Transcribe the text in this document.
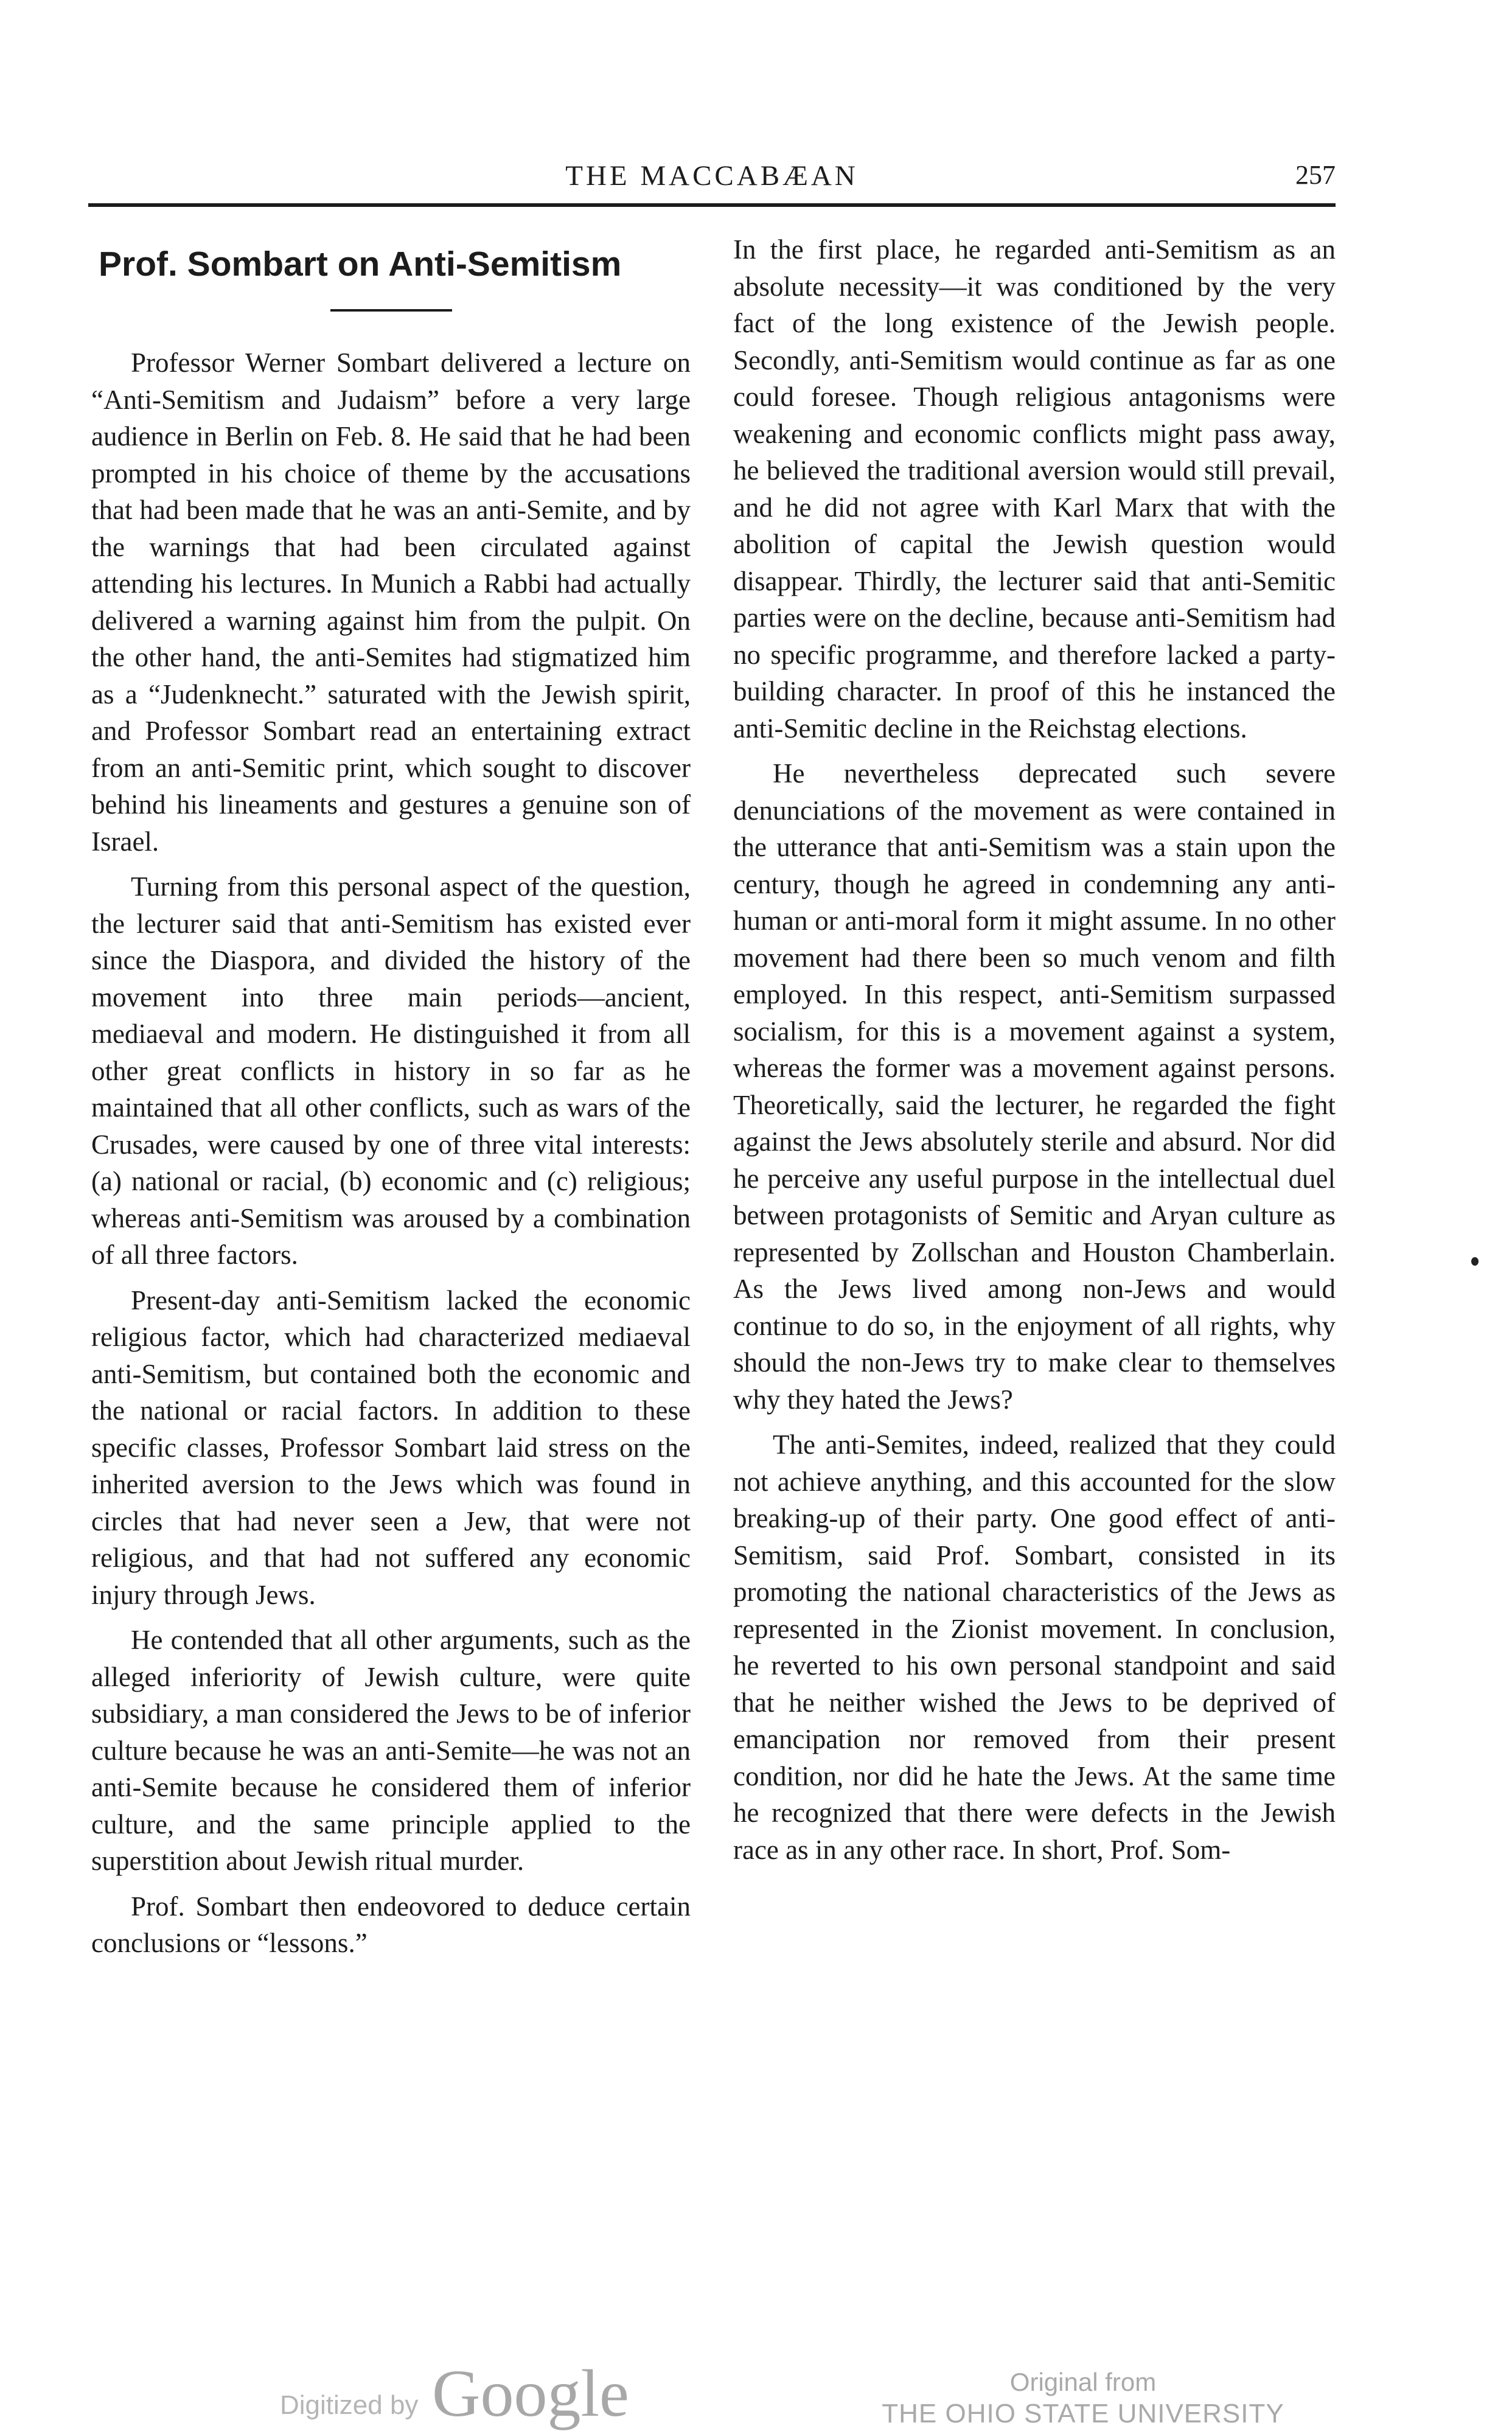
THE MACCABÆAN	257
Prof. Sombart on Anti-Semitism

Professor Werner Sombart delivered a lecture on “Anti-Semitism and Judaism” before a very large audience in Berlin on Feb. 8. He said that he had been prompted in his choice of theme by the accusations that had been made that he was an anti-Semite, and by the warnings that had been circulated against attending his lectures. In Munich a Rabbi had actually delivered a warning against him from the pulpit. On the other hand, the anti-Semites had stigmatized him as a “Judenknecht.” saturated with the Jewish spirit, and Professor Sombart read an entertaining extract from an anti-Semitic print, which sought to discover behind his lineaments and gestures a genuine son of Israel.

Turning from this personal aspect of the question, the lecturer said that anti-Semitism has existed ever since the Diaspora, and divided the history of the movement into three main periods—ancient, mediaeval and modern. He distinguished it from all other great conflicts in history in so far as he maintained that all other conflicts, such as wars of the Crusades, were caused by one of three vital interests: (a) national or racial, (b) economic and (c) religious; whereas anti-Semitism was aroused by a combination of all three factors.

Present-day anti-Semitism lacked the economic religious factor, which had characterized mediaeval anti-Semitism, but contained both the economic and the national or racial factors. In addition to these specific classes, Professor Sombart laid stress on the inherited aversion to the Jews which was found in circles that had never seen a Jew, that were not religious, and that had not suffered any economic injury through Jews.

He contended that all other arguments, such as the alleged inferiority of Jewish culture, were quite subsidiary, a man considered the Jews to be of inferior culture because he was an anti-Semite—he was not an anti-Semite because he considered them of inferior culture, and the same principle applied to the superstition about Jewish ritual murder.

Prof. Sombart then endeovored to deduce certain conclusions or “lessons.”

In the first place, he regarded anti-Semitism as an absolute necessity—it was conditioned by the very fact of the long existence of the Jewish people. Secondly, anti-Semitism would continue as far as one could foresee. Though religious antagonisms were weakening and economic conflicts might pass away, he believed the traditional aversion would still prevail, and he did not agree with Karl Marx that with the abolition of capital the Jewish question would disappear. Thirdly, the lecturer said that anti-Semitic parties were on the decline, because anti-Semitism had no specific programme, and therefore lacked a party-building character. In proof of this he instanced the anti-Semitic decline in the Reichstag elections.

He nevertheless deprecated such severe denunciations of the movement as were contained in the utterance that anti-Semitism was a stain upon the century, though he agreed in condemning any anti-human or anti-moral form it might assume. In no other movement had there been so much venom and filth employed. In this respect, anti-Semitism surpassed socialism, for this is a movement against a system, whereas the former was a movement against persons. Theoretically, said the lecturer, he regarded the fight against the Jews absolutely sterile and absurd. Nor did he perceive any useful purpose in the intellectual duel between protagonists of Semitic and Aryan culture as represented by Zollschan and Houston Chamberlain. As the Jews lived among non-Jews and would continue to do so, in the enjoyment of all rights, why should the non-Jews try to make clear to themselves why they hated the Jews?

The anti-Semites, indeed, realized that they could not achieve anything, and this accounted for the slow breaking-up of their party. One good effect of anti-Semitism, said Prof. Sombart, consisted in its promoting the national characteristics of the Jews as represented in the Zionist movement. In conclusion, he reverted to his own personal standpoint and said that he neither wished the Jews to be deprived of emancipation nor removed from their present condition, nor did he hate the Jews. At the same time he recognized that there were defects in the Jewish race as in any other race. In short, Prof. Som-

Digitized by Google	Original from
THE OHIO STATE UNIVERSITY
